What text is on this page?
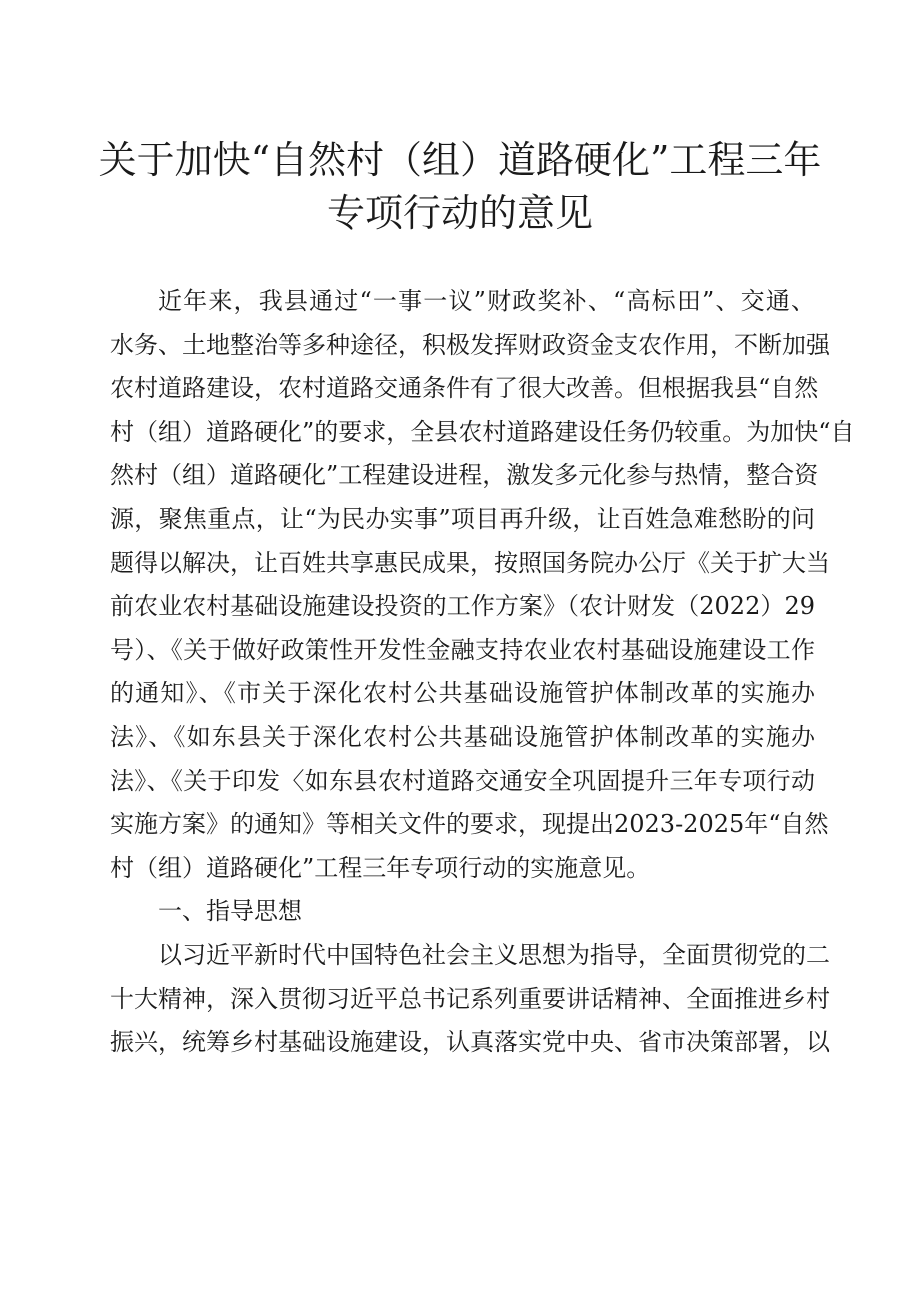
关于加快“自然村（组）道路硬化”工程三年
专项行动的意见
近年来，我县通过“一事一议”财政奖补、“高标田”、交通、
水务、土地整治等多种途径，积极发挥财政资金支农作用，不断加强
农村道路建设，农村道路交通条件有了很大改善。但根据我县“自然
村（组）道路硬化”的要求，全县农村道路建设任务仍较重。为加快“自
然村（组）道路硬化”工程建设进程，激发多元化参与热情，整合资
源，聚焦重点，让“为民办实事”项目再升级，让百姓急难愁盼的问
题得以解决，让百姓共享惠民成果，按照国务院办公厅《关于扩大当
前农业农村基础设施建设投资的工作方案》（农计财发（2022）29
号）、《关于做好政策性开发性金融支持农业农村基础设施建设工作
的通知》、《市关于深化农村公共基础设施管护体制改革的实施办
法》、《如东县关于深化农村公共基础设施管护体制改革的实施办
法》、《关于印发〈如东县农村道路交通安全巩固提升三年专项行动
实施方案》的通知》等相关文件的要求，现提出2023-2025年“自然
村（组）道路硬化”工程三年专项行动的实施意见。
一、指导思想
以习近平新时代中国特色社会主义思想为指导，全面贯彻党的二
十大精神，深入贯彻习近平总书记系列重要讲话精神、全面推进乡村
振兴，统筹乡村基础设施建设，认真落实党中央、省市决策部署，以
